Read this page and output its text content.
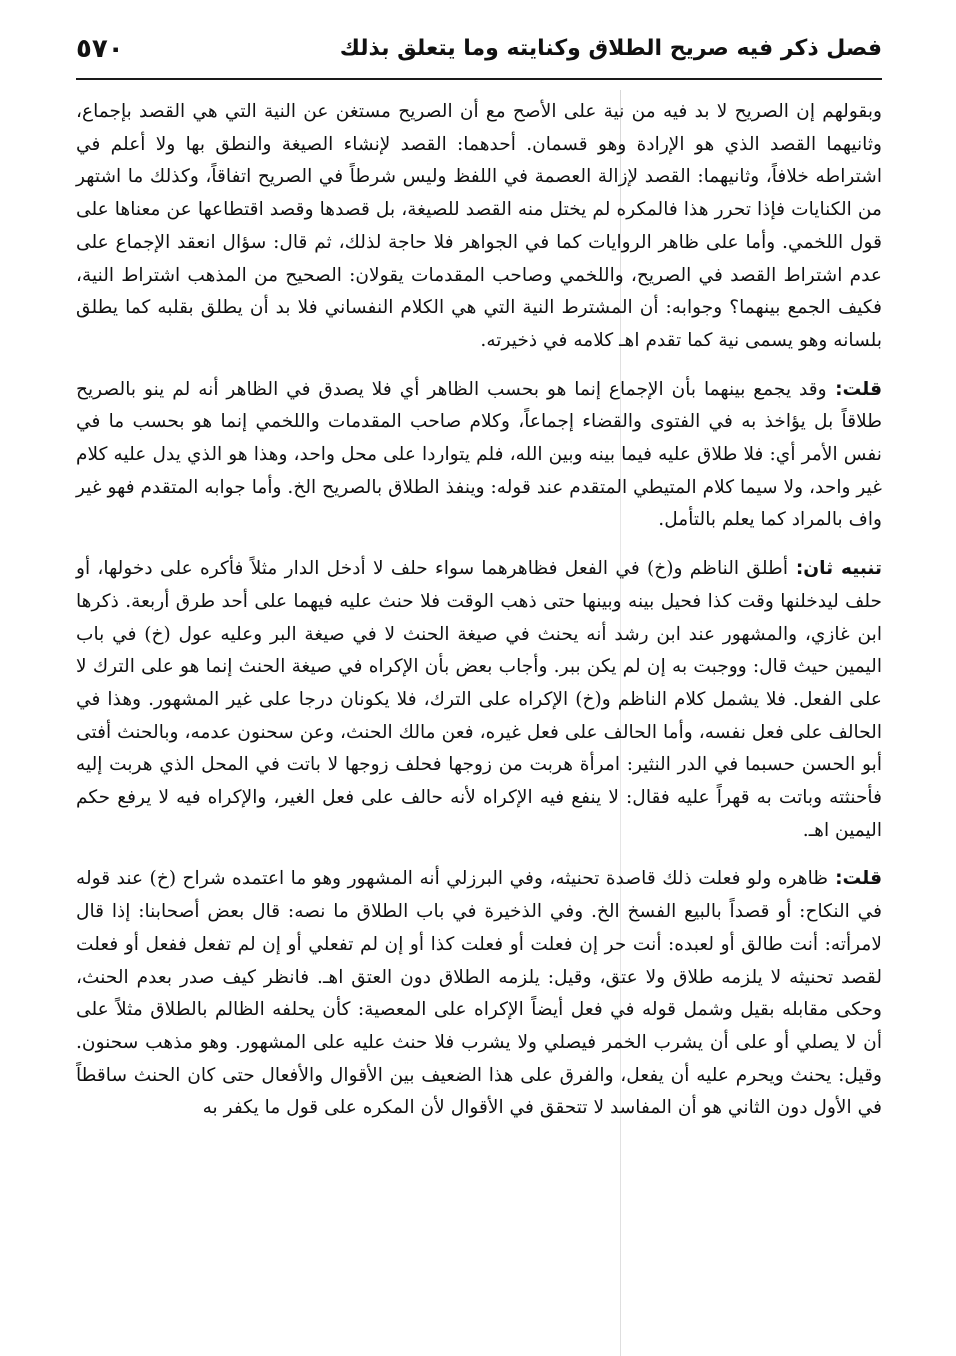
٥٧٠	فصل ذكر فيه صريح الطلاق وكنايته وما يتعلق بذلك

وبقولهم إن الصريح لا بد فيه من نية على الأصح مع أن الصريح مستغن عن النية التي هي القصد بإجماع، وثانيهما القصد الذي هو الإرادة وهو قسمان. أحدهما: القصد لإنشاء الصيغة والنطق بها ولا أعلم في اشتراطه خلافاً، وثانيهما: القصد لإزالة العصمة في اللفظ وليس شرطاً في الصريح اتفاقاً، وكذلك ما اشتهر من الكنايات فإذا تحرر هذا فالمكره لم يختل منه القصد للصيغة، بل قصدها وقصد اقتطاعها عن معناها على قول اللخمي. وأما على ظاهر الروايات كما في الجواهر فلا حاجة لذلك، ثم قال: سؤال انعقد الإجماع على عدم اشتراط القصد في الصريح، واللخمي وصاحب المقدمات يقولان: الصحيح من المذهب اشتراط النية، فكيف الجمع بينهما؟ وجوابه: أن المشترط النية التي هي الكلام النفساني فلا بد أن يطلق بقلبه كما يطلق بلسانه وهو يسمى نية كما تقدم اهـ كلامه في ذخيرته.

قلت: وقد يجمع بينهما بأن الإجماع إنما هو بحسب الظاهر أي فلا يصدق في الظاهر أنه لم ينو بالصريح طلاقاً بل يؤاخذ به في الفتوى والقضاء إجماعاً، وكلام صاحب المقدمات واللخمي إنما هو بحسب ما في نفس الأمر أي: فلا طلاق عليه فيما بينه وبين الله، فلم يتواردا على محل واحد، وهذا هو الذي يدل عليه كلام غير واحد، ولا سيما كلام المتيطي المتقدم عند قوله: وينفذ الطلاق بالصريح الخ. وأما جوابه المتقدم فهو غير واف بالمراد كما يعلم بالتأمل.

تنبيه ثان: أطلق الناظم و(خ) في الفعل فظاهرهما سواء حلف لا أدخل الدار مثلاً فأكره على دخولها، أو حلف ليدخلنها وقت كذا فحيل بينه وبينها حتى ذهب الوقت فلا حنث عليه فيهما على أحد طرق أربعة. ذكرها ابن غازي، والمشهور عند ابن رشد أنه يحنث في صيغة الحنث لا في صيغة البر وعليه عول (خ) في باب اليمين حيث قال: ووجبت به إن لم يكن ببر. وأجاب بعض بأن الإكراه في صيغة الحنث إنما هو على الترك لا على الفعل. فلا يشمل كلام الناظم و(خ) الإكراه على الترك، فلا يكونان درجا على غير المشهور. وهذا في الحالف على فعل نفسه، وأما الحالف على فعل غيره، فعن مالك الحنث، وعن سحنون عدمه، وبالحنث أفتى أبو الحسن حسبما في الدر النثير: امرأة هربت من زوجها فحلف زوجها لا باتت في المحل الذي هربت إليه فأحنثته وباتت به قهراً عليه فقال: لا ينفع فيه الإكراه لأنه حالف على فعل الغير، والإكراه فيه لا يرفع حكم اليمين اهـ.

قلت: ظاهره ولو فعلت ذلك قاصدة تحنيثه، وفي البرزلي أنه المشهور وهو ما اعتمده شراح (خ) عند قوله في النكاح: أو قصداً بالبيع الفسخ الخ. وفي الذخيرة في باب الطلاق ما نصه: قال بعض أصحابنا: إذا قال لامرأته: أنت طالق أو لعبده: أنت حر إن فعلت أو فعلت كذا أو إن لم تفعلي أو إن لم تفعل ففعل أو فعلت لقصد تحنيثه لا يلزمه طلاق ولا عتق، وقيل: يلزمه الطلاق دون العتق اهـ. فانظر كيف صدر بعدم الحنث، وحكى مقابله بقيل وشمل قوله في فعل أيضاً الإكراه على المعصية: كأن يحلفه الظالم بالطلاق مثلاً على أن لا يصلي أو على أن يشرب الخمر فيصلي ولا يشرب فلا حنث عليه على المشهور. وهو مذهب سحنون. وقيل: يحنث ويحرم عليه أن يفعل، والفرق على هذا الضعيف بين الأقوال والأفعال حتى كان الحنث ساقطاً في الأول دون الثاني هو أن المفاسد لا تتحقق في الأقوال لأن المكره على قول ما يكفر به
